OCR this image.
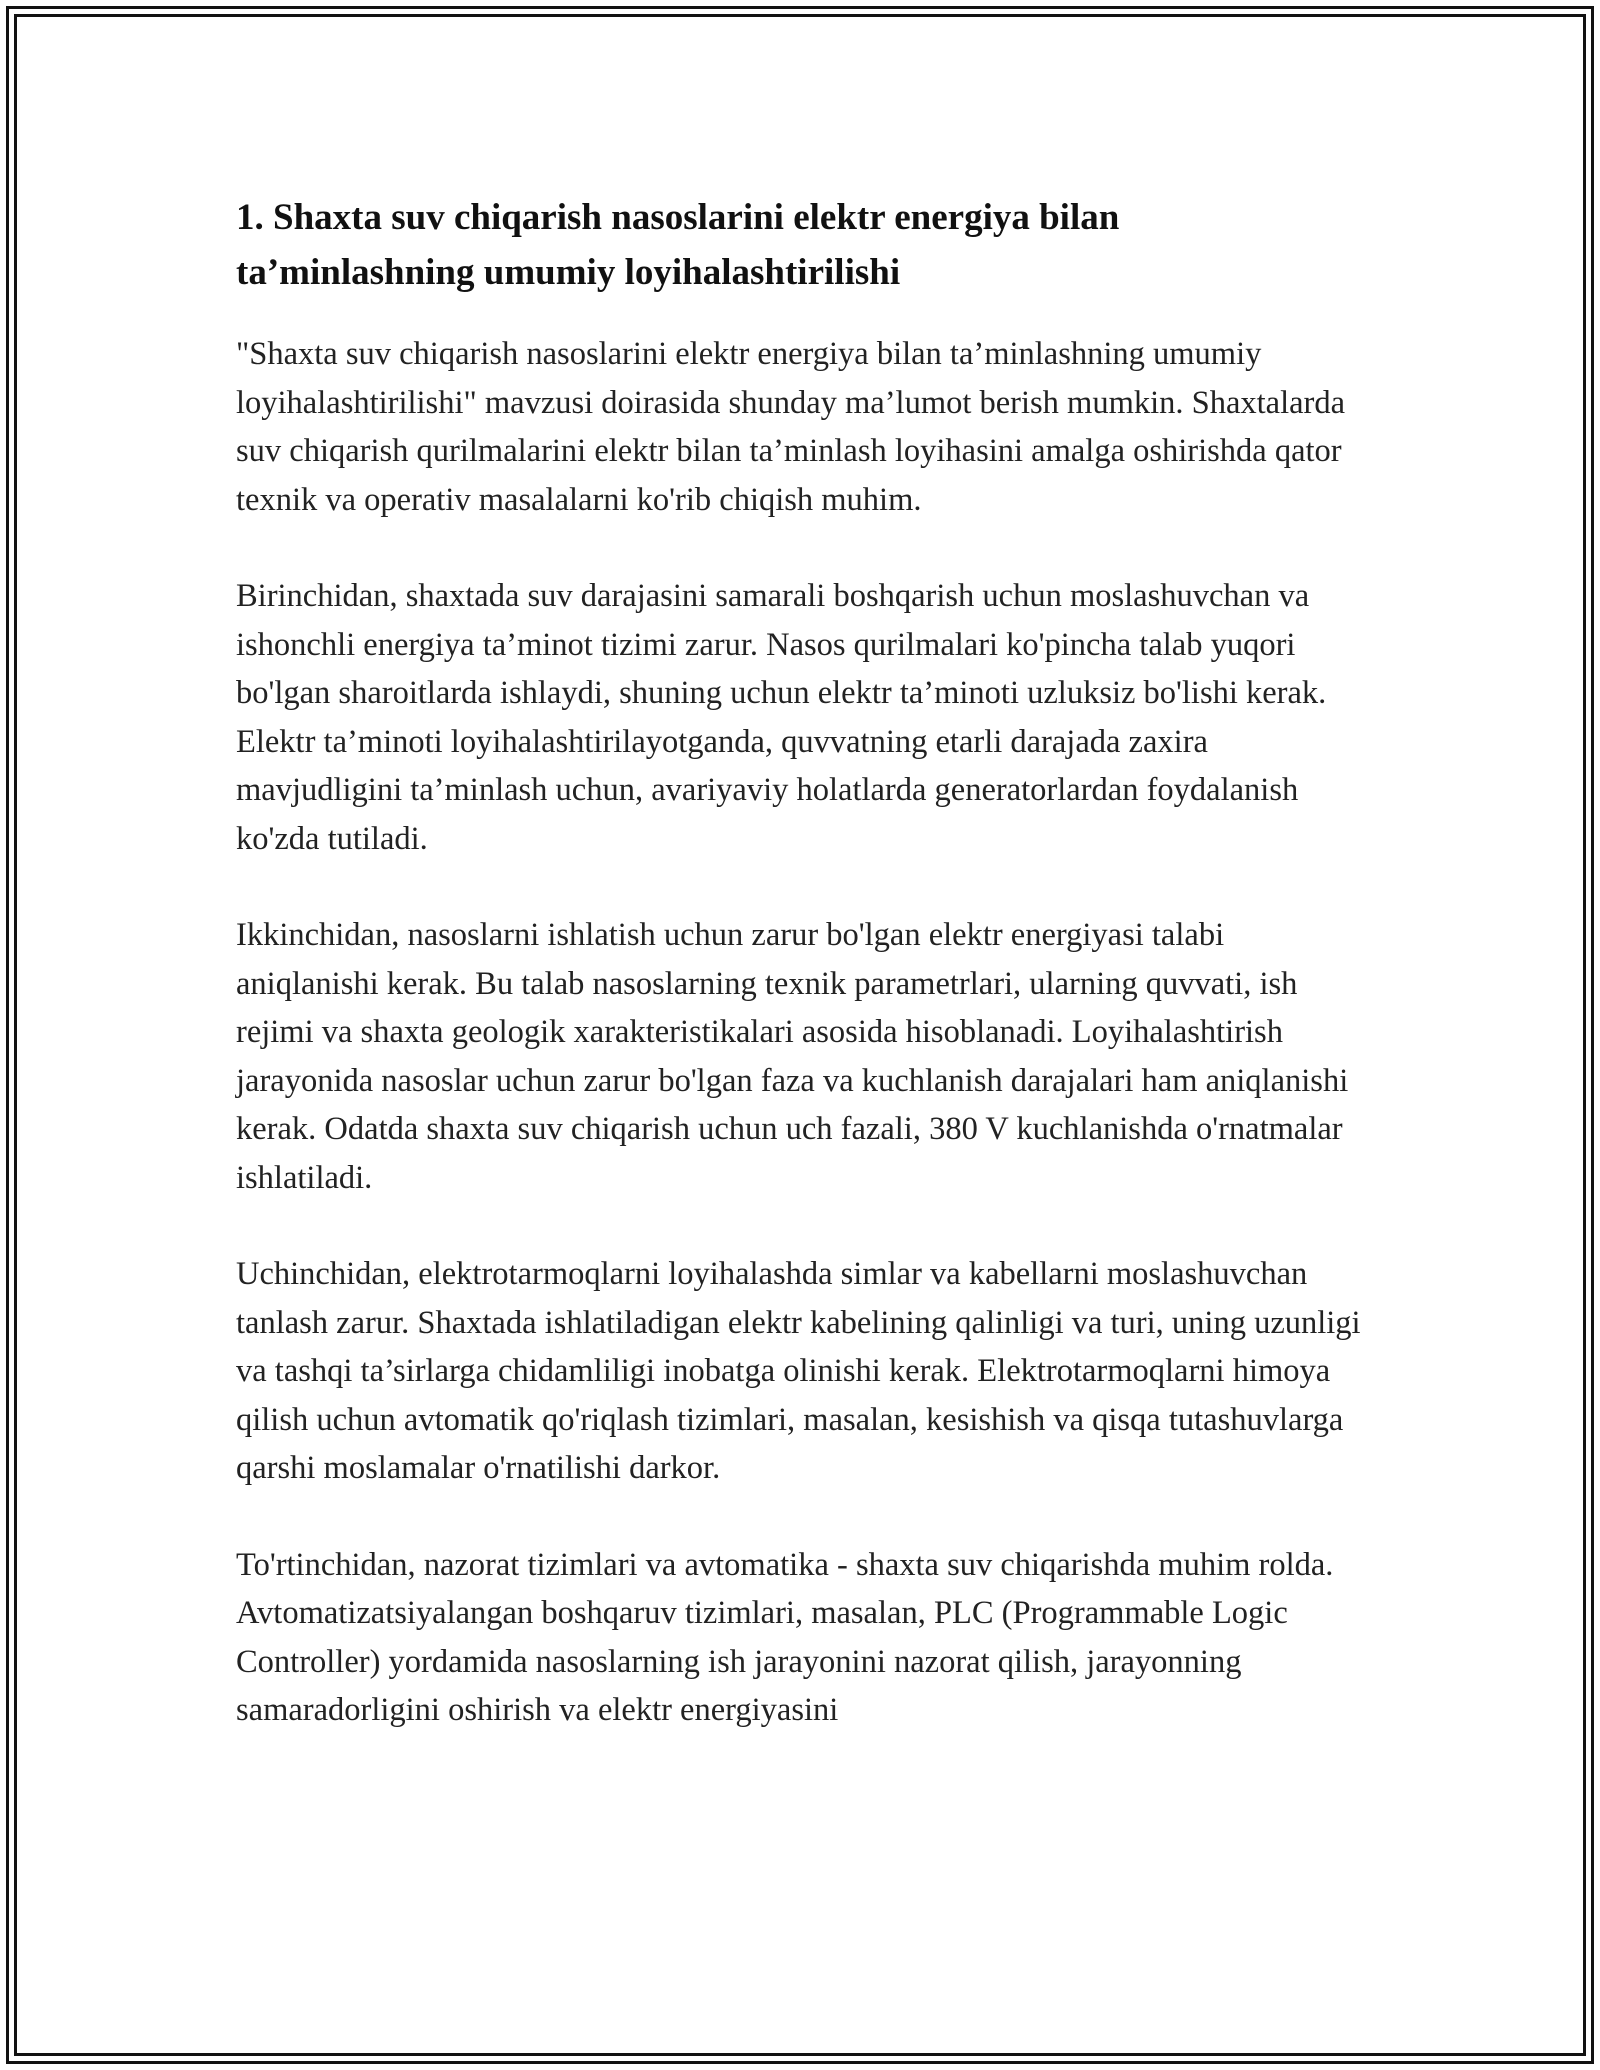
1. Shaxta suv chiqarish nasoslarini elektr energiya bilan ta’minlashning umumiy loyihalashtirilishi

"Shaxta suv chiqarish nasoslarini elektr energiya bilan ta’minlashning umumiy loyihalashtirilishi" mavzusi doirasida shunday ma’lumot berish mumkin. Shaxtalarda suv chiqarish qurilmalarini elektr bilan ta’minlash loyihasini amalga oshirishda qator texnik va operativ masalalarni ko'rib chiqish muhim.

Birinchidan, shaxtada suv darajasini samarali boshqarish uchun moslashuvchan va ishonchli energiya ta’minot tizimi zarur. Nasos qurilmalari ko'pincha talab yuqori bo'lgan sharoitlarda ishlaydi, shuning uchun elektr ta’minoti uzluksiz bo'lishi kerak. Elektr ta’minoti loyihalashtirilayotganda, quvvatning etarli darajada zaxira mavjudligini ta’minlash uchun, avariyaviy holatlarda generatorlardan foydalanish ko'zda tutiladi.

Ikkinchidan, nasoslarni ishlatish uchun zarur bo'lgan elektr energiyasi talabi aniqlanishi kerak. Bu talab nasoslarning texnik parametrlari, ularning quvvati, ish rejimi va shaxta geologik xarakteristikalari asosida hisoblanadi. Loyihalashtirish jarayonida nasoslar uchun zarur bo'lgan faza va kuchlanish darajalari ham aniqlanishi kerak. Odatda shaxta suv chiqarish uchun uch fazali, 380 V kuchlanishda o'rnatmalar ishlatiladi.

Uchinchidan, elektrotarmoqlarni loyihalashda simlar va kabellarni moslashuvchan tanlash zarur. Shaxtada ishlatiladigan elektr kabelining qalinligi va turi, uning uzunligi va tashqi ta’sirlarga chidamliligi inobatga olinishi kerak. Elektrotarmoqlarni himoya qilish uchun avtomatik qo'riqlash tizimlari, masalan, kesishish va qisqa tutashuvlarga qarshi moslamalar o'rnatilishi darkor.

To'rtinchidan, nazorat tizimlari va avtomatika - shaxta suv chiqarishda muhim rolda. Avtomatizatsiyalangan boshqaruv tizimlari, masalan, PLC (Programmable Logic Controller) yordamida nasoslarning ish jarayonini nazorat qilish, jarayonning samaradorligini oshirish va elektr energiyasini
